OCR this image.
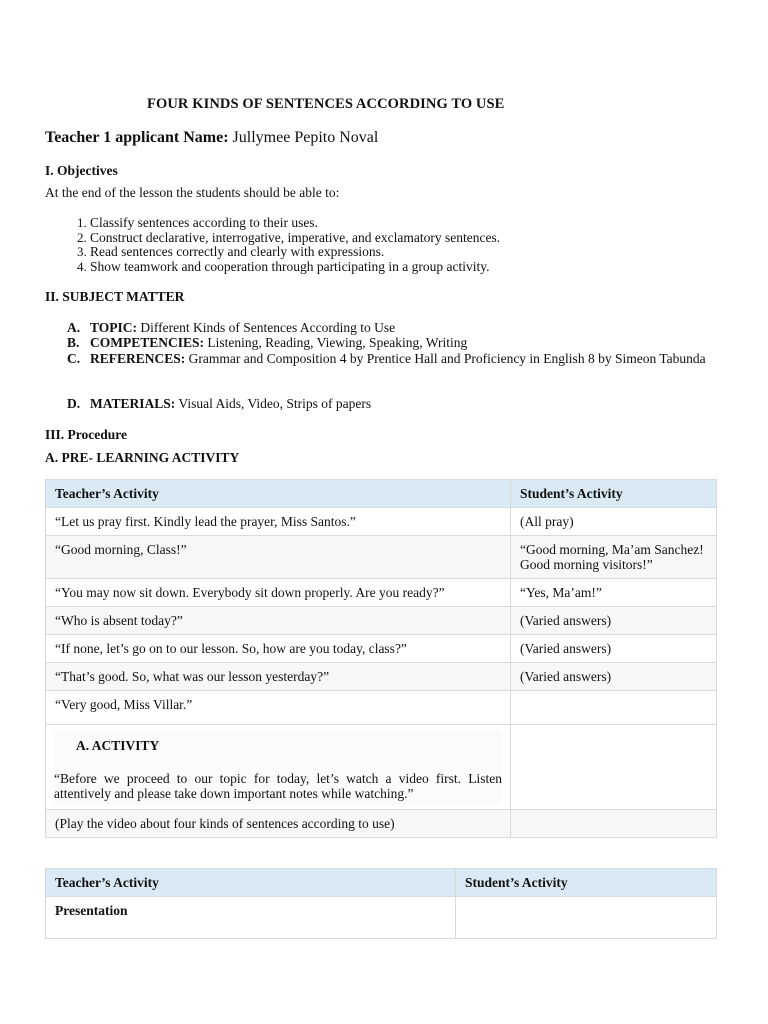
FOUR KINDS OF SENTENCES ACCORDING TO USE
Teacher 1 applicant Name: Jullymee Pepito Noval
I. Objectives
At the end of the lesson the students should be able to:
1. Classify sentences according to their uses.
2. Construct declarative, interrogative, imperative, and exclamatory sentences.
3. Read sentences correctly and clearly with expressions.
4. Show teamwork and cooperation through participating in a group activity.
II. SUBJECT MATTER
A. TOPIC: Different Kinds of Sentences According to Use
B. COMPETENCIES: Listening, Reading, Viewing, Speaking, Writing
C. REFERENCES: Grammar and Composition 4 by Prentice Hall and Proficiency in English 8 by Simeon Tabunda
D. MATERIALS: Visual Aids, Video, Strips of papers
III. Procedure
A. PRE- LEARNING ACTIVITY
Teacher’s Activity	Student’s Activity
“Let us pray first. Kindly lead the prayer, Miss Santos.”	(All pray)
“Good morning, Class!”	“Good morning, Ma’am Sanchez! Good morning visitors!”
“You may now sit down. Everybody sit down properly. Are you ready?”	“Yes, Ma’am!”
“Who is absent today?”	(Varied answers)
“If none, let’s go on to our lesson. So, how are you today, class?”	(Varied answers)
“That’s good. So, what was our lesson yesterday?”	(Varied answers)
“Very good, Miss Villar.”	

A. ACTIVITY
“Before we proceed to our topic for today, let’s watch a video first. Listen attentively and please take down important notes while watching.”	

(Play the video about four kinds of sentences according to use)	
Teacher’s Activity	Student’s Activity
Presentation	
